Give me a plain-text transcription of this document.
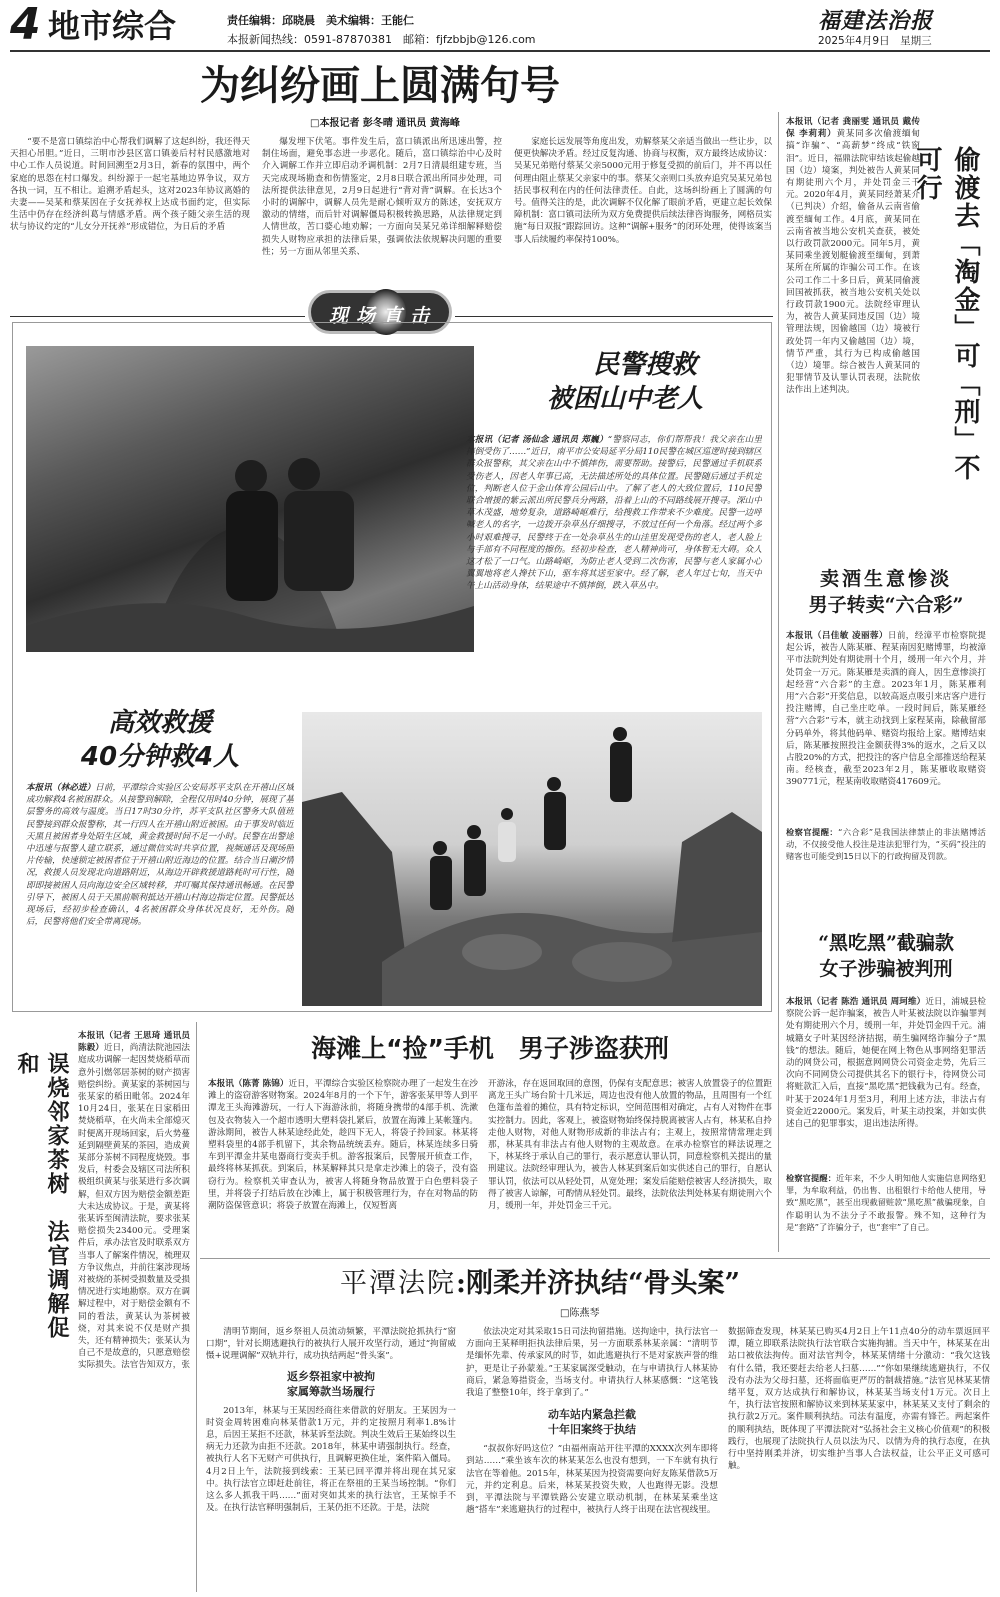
4 地市综合	责任编辑：邱晓晨　美术编辑：王能仁
本报新闻热线：0591-87870381　邮箱：fjfzbbjb@126.com
福建法治报
2025年4月9日　星期三
为纠纷画上圆满句号
□本报记者 彭冬晴 通讯员 黄海峰

“要不是富口镇综治中心帮我们调解了这起纠纷，我还得天天担心吊胆。”近日，三明市沙县区富口镇姜后村村民感激地对中心工作人员说道。时间回溯至2月3日，新春的氛围中，两个家庭的思怨在村口爆发。纠纷源于一起宅基地边界争议，双方各执一词，互不相让。追溯矛盾起头，这对2023年协议离婚的夫妻——吴某和蔡某因在子女抚养权上达成书面约定，但实际生活中仍存在经济纠葛与情感矛盾。两个孩子随父亲生活的现状与协议约定的“儿女分开抚养”形成错位，为日后的矛盾

爆发埋下伏笔。事件发生后，富口镇派出所迅速出警，控制住场面，避免事态进一步恶化。随后，富口镇综治中心及时介入调解工作并立即启动矛调机制：2月7日清晨组建专班，当天完成现场勘查和伤情鉴定，2月8日联合派出所同步处理，司法所提供法律意见，2月9日起进行“背对背”调解。在长达3个小时的调解中，调解人员先是耐心倾听双方的陈述，安抚双方激动的情绪，而后针对调解僵局积极转换思路，从法律规定到人情世故，苦口婆心地劝解；一方面向吴某兄弟详细解释赔偿损失人财物应承担的法律后果，强调依法依规解决问题的重要性；另一方面从邻里关系、

家庭长远发展等角度出发，劝解蔡某父亲适当做出一些让步，以便更快解决矛盾。经过反复沟通、协商与权衡，双方最终达成协议：吴某兄弟赔付蔡某父亲5000元用于修复受损的前后门，并不再以任何理由阻止蔡某父亲家中的事。蔡某父亲则口头放弃追究吴某兄弟包括民事权利在内的任何法律责任。自此，这场纠纷画上了圆满的句号。值得关注的是，此次调解不仅化解了眼前矛盾，更建立起长效保障机制：富口镇司法所为双方免费提供后续法律咨询服务，网格员实施“每日双报”跟踪回访。这种“调解+服务”的闭环处理，使得该案当事人后续履约率保持100%。

本报讯（记者 龚丽雯 通讯员 戴传保 李莉莉）黄某同多次偷渡缅甸搞“诈骗”、“高薪梦”终成“铁窗泪”。近日，福鼎法院审结该起偷越国（边）境案，判处被告人黄某同有期徒刑六个月，并处罚金三千元。2020年4月，黄某同经萧某介（已判决）介绍，偷备从云南省偷渡至缅甸工作。4月底，黄某同在云南省被当地公安机关查获，被处以行政罚款2000元。同年5月，黄某同乘坐渡划艇偷渡至缅甸，到萧某所在所属的诈骗公司工作。在该公司工作二十多日后，黄某同偷渡回国被抓获，被当地公安机关处以行政罚款1900元。法院经审理认为，被告人黄某同违反国（边）境管理法规，因偷越国（边）境被行政处罚一年内又偷越国（边）境，情节严重，其行为已构成偷越国（边）境罪。综合被告人黄某同的犯罪情节及认罪认罚表现，法院依法作出上述判决。	偷渡去「淘金」可「刑」不可行
现场直击
民警搜救
被困山中老人
本报讯（记者 汤仙念 通讯员 郑巍）“警察同志，你们帮帮我！我父亲在山里摔倒受伤了……”近日，南平市公安局延平分局110民警在城区巡逻时接到辖区群众报警称，其父亲在山中不慎摔伤，需要帮助。接警后，民警通过手机联系受伤老人，因老人年事已高，无法描述所处的具体位置。民警随后通过手机定位，判断老人位于金山体育公园后山中。了解了老人的大致位置后，110民警联合增援的紫云派出所民警兵分两路，沿着上山的不同路线展开搜寻。深山中草木茂盛，地势复杂，道路崎岖难行，给搜救工作带来不少难度。民警一边呼喊老人的名字，一边拨开杂草丛仔细搜寻，不放过任何一个角落。经过两个多小时艰难搜寻，民警终于在一处杂草丛生的山洼里发现受伤的老人，老人脸上与手部有不同程度的擦伤。经初步检查，老人精神尚可，身体暂无大碍。众人这才松了一口气。山路崎岖，为防止老人受到二次伤害，民警与老人家属小心翼翼地将老人搀扶下山，驱车将其送至家中。经了解，老人年过七旬，当天中午上山活动身体，结果途中不慎摔倒，跌入草丛中。
高效救援
40分钟救4人
本报讯（林必进）日前，平潭综合实验区公安局苏平支队在开禧山区域成功解救4名被困群众。从接警到解除，全程仅用时40分钟，展现了基层警务的高效与温度。当日17时30分许，苏平支队社区警务大队值班民警接到群众报警称，其一行四人在开禧山附近被困。由于事发时临近天黑且被困者身处陌生区域，黄金救援时间不足一小时。民警在出警途中迅速与报警人建立联系，通过微信实时共享位置，视频通话及现场照片传输，快速锁定被困者位于开禧山附近海边的位置。结合当日潮汐情况，救援人员发现北向道路附近，从海边开辟救援道路耗时可行性，随即即接被困人员向海边安全区域转移，并叮嘱其保持通讯畅通。在民警引导下，被困人员于天黑前顺利抵达开禧山村海边指定位置。民警抵达现场后，经初步检查确认，4名被困群众身体状况良好，无外伤。随后，民警将他们安全带离现场。
卖酒生意惨淡
男子转卖“六合彩”
本报讯（吕佳敏 凌丽蓉）日前，经漳平市检察院提起公诉，被告人陈某雁、程某南因犯赌博罪，均被漳平市法院判处有期徒刑十个月，缓刑一年六个月，并处罚金一万元。陈某雁是卖酒的商人，因生意惨淡打起经营“六合彩”的主意。2023年1月，陈某雁利用“六合彩”开奖信息，以较高返点吸引来店客户进行投注赌博，自己坐庄吃单。一段时间后，陈某雁经营“六合彩”亏本，就主动找到上家程某南，除截留部分码单外，将其他码单、赌资均报给上家。赌博结束后，陈某雁按照投注金额获得3%的返水，之后又以占股20%的方式，把投注的客户信息全部推送给程某南。经核查，截至2023年2月，陈某雁收取赌资390771元，程某南收取赌资417609元。
检察官提醒：“六合彩”是我国法律禁止的非法赌博活动，不仅接受他人投注是违法犯罪行为，“买码”投注的赌客也可能受到15日以下的行政拘留及罚款。
“黑吃黑”截骗款
女子涉骗被判刑
本报讯（记者 陈浩 通讯员 周珂维）近日，浦城县检察院公诉一起诈骗案，被告人叶某被法院以诈骗罪判处有期徒刑六个月，缓刑一年，并处罚金四千元。浦城籍女子叶某因经济拮据，萌生骗网络诈骗分子“黑钱”的想法。随后，她便在网上物色从事网络犯罪活动的网贷公司，根据意网网贷公司资金走势，先后三次向不同网贷公司提供其名下的银行卡，待网贷公司将赃款汇入后，直接“黑吃黑”把钱截为己有。经查，叶某于2024年1月至3月，利用上述方法，非法占有资金近22000元。案发后，叶某主动投案，并如实供述自己的犯罪事实，退出违法所得。
检察官提醒：近年来，不少人明知他人实施信息网络犯罪，为牟取利益，仍出售、出租银行卡给他人使用，导致“黑吃黑”，甚至出现截留赃款“黑吃黑”截骗现象，自作聪明认为不法分子不敢报警。殊不知，这种行为是“套路”了诈骗分子，也“套牢”了自己。
误烧邻家茶树　法官调解促和
本报讯（记者 王思琦 通讯员 陈毅）近日，尚清法院池园法庭成功调解一起因焚烧稻草而意外引燃邻居茶树的财产损害赔偿纠纷。黄某家的茶树园与张某家的稻田毗邻。2024年10月24日，张某在日家稻田焚烧稻草，在火尚未全部熄灭时便离开现场回家，后火势蔓延到隔壁黄某的茶园，造成黄某部分茶树不同程度烧毁。事发后，村委会及辖区司法所积极组织黄某与张某进行多次调解，但双方因为赔偿金额差距大未达成协议。于是，黄某将张某诉至闽清法院，要求张某赔偿损失23400元。受理案件后，承办法官及时联系双方当事人了解案件情况，梳理双方争议焦点，并前往案涉现场对被烧的茶树受损数量及受损情况进行实地勘察。双方在调解过程中，对于赔偿金额有不同的看法，黄某认为茶树被烧，对其来说不仅是财产损失，还有精神损失；张某认为自己不是故意的，只愿意赔偿实际损失。法官告知双方，张

海滩上“捡”手机　男子涉盗获刑
本报讯（陈菁 陈锦）近日，平潭综合实验区检察院办理了一起发生在沙滩上的盗窃游客财物案。2024年8月的一个下午，游客张某甲等人到平潭龙王头海滩游玩，一行人下海游泳前，将随身携带的4部手机、洗漱包及衣物装入一个超市透明大塑料袋扎紧后，放置在海滩上某帐篷内。游泳期间，被告人林某途经此处，趁四下无人，将袋子拎回家。林某将塑料袋里的4部手机留下，其余物品统统丢弃。随后，林某连续多日骑车到平潭金井某电器商行变卖手机。游客报案后，民警展开侦查工作，最终将林某抓获。到案后，林某解释其只是拿走沙滩上的袋子，没有盗窃行为。检察机关审查认为，被害人将随身物品放置于白色塑料袋子里，并将袋子打结后放在沙滩上，属于积极管理行为，存在对物品的防潮防盗保管意识；将袋子放置在海滩上，仅短暂离

开游泳，存在返回取回的意图，仍保有支配意思；被害人放置袋子的位置距离龙王头广场台阶十几米远，周边也没有他人放置的物品，且周围有一个红色篷布盖着的摊位，具有特定标识，空间范围相对确定，占有人对物件在事实控制力。因此，客观上，被盗财物始终保持脱离被害人占有，林某私自拎走他人财物，对他人财物形成新的非法占有；主观上，按照常情常理走到那，林某具有非法占有他人财物的主观故意。在承办检察官的释法说理之下，林某终于承认自己的罪行，表示愿意认罪认罚，同意检察机关提出的量刑建议。法院经审理认为，被告人林某到案后如实供述自己的罪行，自愿认罪认罚，依法可以从轻处罚，从宽处理；案发后能赔偿被害人经济损失，取得了被害人谅解，可酌情从轻处罚。最终，法院依法判处林某有期徒刑六个月，缓刑一年，并处罚金三千元。

平潭法院:刚柔并济执结“骨头案”
□陈燕琴

清明节期间，返乡祭祖人员流动频繁，平潭法院抢抓执行“窗口期”，针对长期逃避执行的被执行人展开攻坚行动，通过“拘留威慑+说理调解”双轨并行，成功执结两起“骨头案”。

返乡祭祖家中被拘
家属筹款当场履行

2013年，林某与王某因经商往来借款的好朋友。王某因为一时资金周转困难向林某借款1万元，并约定按照月利率1.8%计息，后因王某拒不还款，林某诉至法院。判决生效后王某始终以生病无力还款为由拒不还款。2018年，林某申请强制执行。经查，被执行人名下无财产可供执行，且调解更换住址，案件陷入僵局。4月2日上午，法院接到线索：王某已回平潭并将出现在其兄家中。执行法官立即赶赴前往，将正在祭祖的王某当场控制。“你们这么多人抓我干吗……”面对突如其来的执行法官，王某惊手不及。在执行法官释明强制后，王某仍拒不还款。于是，法院

依法决定对其采取15日司法拘留措施。送拘途中，执行法官一方面向王某释明拒执法律后果，另一方面联系林某亲属：“清明节是缅怀先辈、传承家风的时节，如此逃避执行不是对家族声誉的维护，更是让子孙蒙羞。”王某家属深受触动，在与申请执行人林某协商后，紧急筹措资金，当场支付。申请执行人林某感慨：“这笔钱我追了整整10年，终于拿到了。”

动车站内紧急拦截
十年旧案终于执结

“叔叔你好吗这位？”由福州南站开往平潭的XXXX次列车即将到站……“乘坐该车次的林某某怎么也没有想到，一下车就有执行法官在等着他。2015年，林某某因为投资需要向好友陈某借款5万元，并约定利息。后来，林某某投资失败，人也跑得无影。没想到，平潭法院与平潭铁路公安建立联动机制，在林某某乘坐这趟“搭车”来逃避执行的过程中，被执行人终于出现在法官视线里。

数据筛查发现，林某某已购买4月2日上午11点40分的动车票返回平潭，随立即联系法院执行法官联合实施拘捕。当天中午，林某某在出站口被依法拘传。面对法官判令，林某某情绪十分激动：“我欠这钱有什么错，我还要赶去给老人扫墓……”“你如果继续逃避执行，不仅没有办法为父母扫墓，还将面临更严厉的制裁措施。”法官见林某某情绪平复，双方达成执行和解协议，林某某当场支付1万元。次日上午，执行法官按照和解协议来到林某某家中，林某某又支付了剩余的执行款2万元。案件顺利执结。司法有温度，亦需有锋芒。两起案件的顺利执结，既体现了平潭法院对“弘扬社会主义核心价值观”的积极践行，也展现了法院执行人员以法为尺、以情为舟的执行态度，在执行中坚持刚柔并济，切实维护当事人合法权益，让公平正义可感可触。
